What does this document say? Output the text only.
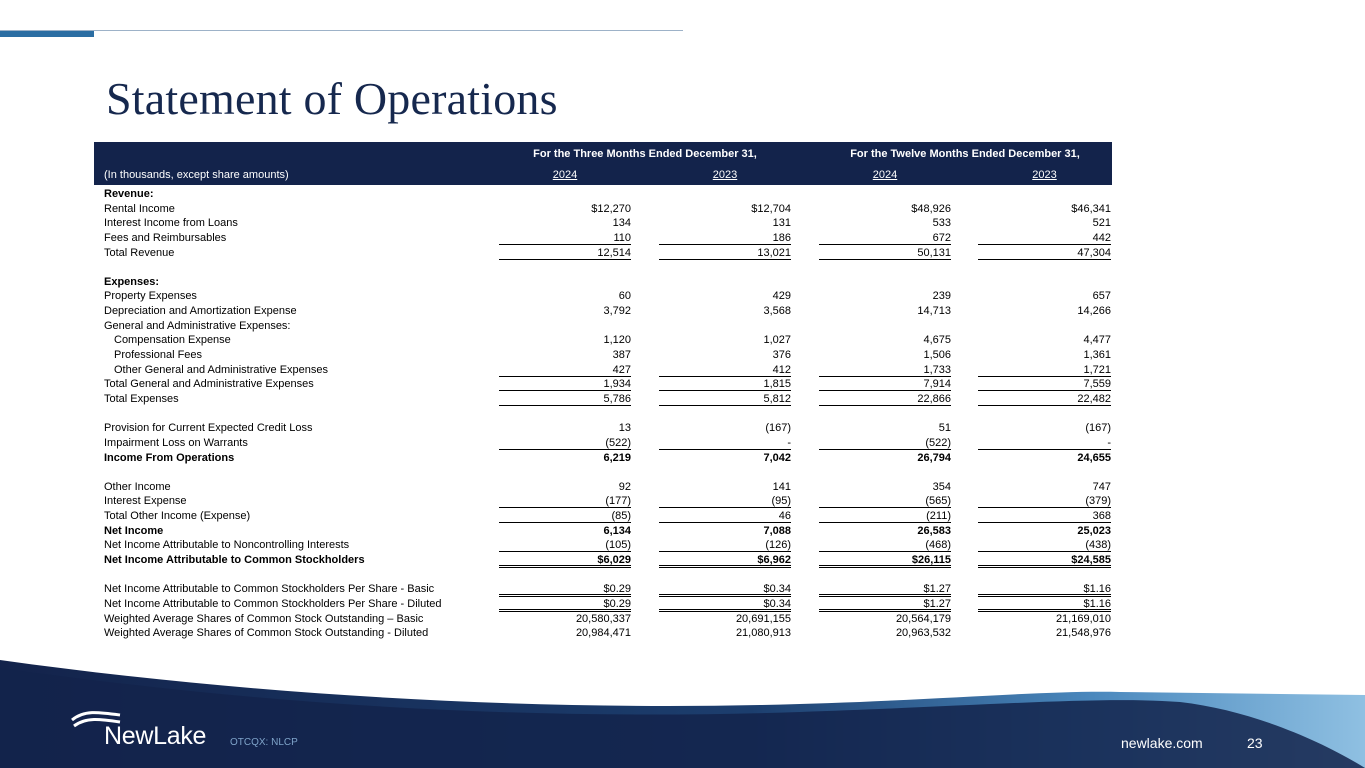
Statement of Operations
For the Three Months Ended December 31,	For the Twelve Months Ended December 31,
(In thousands, except share amounts)	2024	2023	2024	2023
Revenue:
Rental Income	$12,270	$12,704	$48,926	$46,341
Interest Income from Loans	134	131	533	521
Fees and Reimbursables	110	186	672	442
Total Revenue	12,514	13,021	50,131	47,304
Expenses:
Property Expenses	60	429	239	657
Depreciation and Amortization Expense	3,792	3,568	14,713	14,266
General and Administrative Expenses:
Compensation Expense	1,120	1,027	4,675	4,477
Professional Fees	387	376	1,506	1,361
Other General and Administrative Expenses	427	412	1,733	1,721
Total General and Administrative Expenses	1,934	1,815	7,914	7,559
Total Expenses	5,786	5,812	22,866	22,482
Provision for Current Expected Credit Loss	13	(167)	51	(167)
Impairment Loss on Warrants	(522)	-	(522)	-
Income From Operations	6,219	7,042	26,794	24,655
Other Income	92	141	354	747
Interest Expense	(177)	(95)	(565)	(379)
Total Other Income (Expense)	(85)	46	(211)	368
Net Income	6,134	7,088	26,583	25,023
Net Income Attributable to Noncontrolling Interests	(105)	(126)	(468)	(438)
Net Income Attributable to Common Stockholders	$6,029	$6,962	$26,115	$24,585
Net Income Attributable to Common Stockholders Per Share - Basic	$0.29	$0.34	$1.27	$1.16
Net Income Attributable to Common Stockholders Per Share - Diluted	$0.29	$0.34	$1.27	$1.16
Weighted Average Shares of Common Stock Outstanding – Basic	20,580,337	20,691,155	20,564,179	21,169,010
Weighted Average Shares of Common Stock Outstanding - Diluted	20,984,471	21,080,913	20,963,532	21,548,976
NewLake OTCQX: NLCP	newlake.com	23
